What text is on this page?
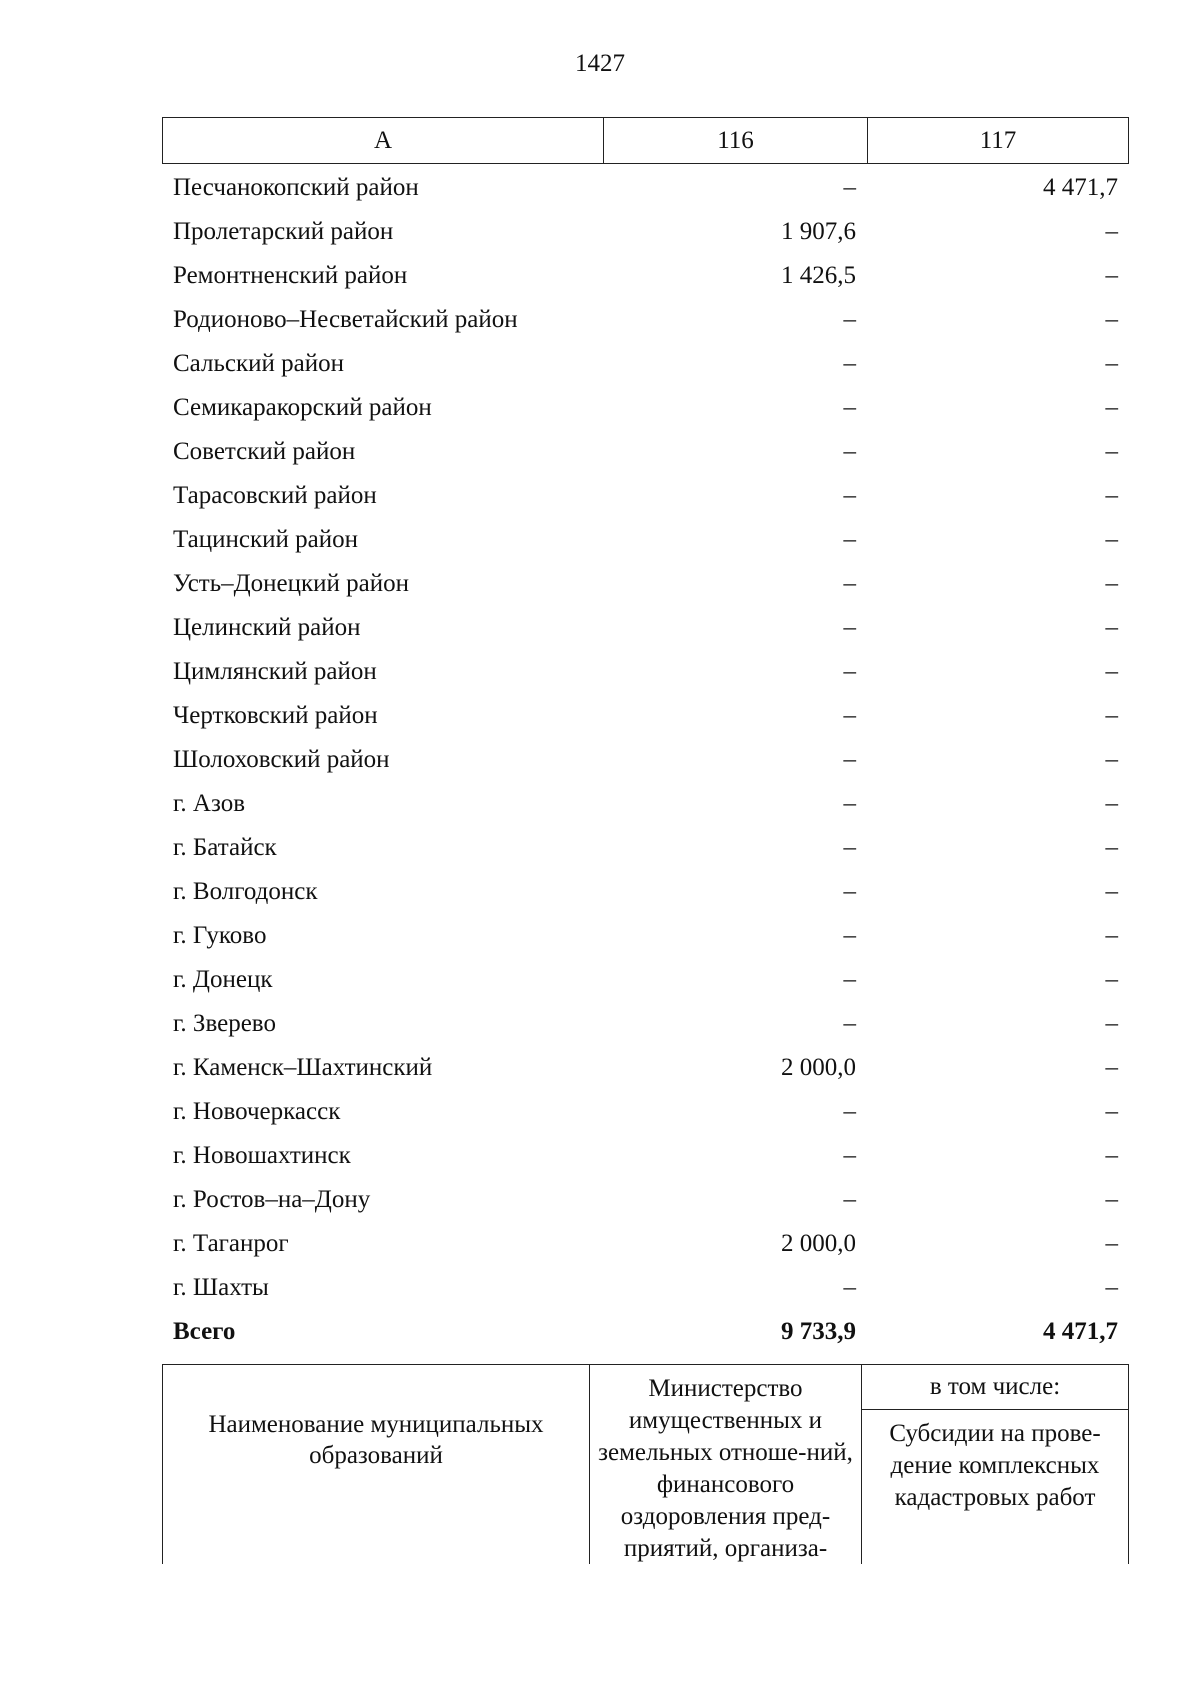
1427
А	116	117
Песчанокопский район	–	4 471,7
Пролетарский район	1 907,6	–
Ремонтненский район	1 426,5	–
Родионово–Несветайский район	–	–
Сальский район	–	–
Семикаракорский район	–	–
Советский район	–	–
Тарасовский район	–	–
Тацинский район	–	–
Усть–Донецкий район	–	–
Целинский район	–	–
Цимлянский район	–	–
Чертковский район	–	–
Шолоховский район	–	–
г. Азов	–	–
г. Батайск	–	–
г. Волгодонск	–	–
г. Гуково	–	–
г. Донецк	–	–
г. Зверево	–	–
г. Каменск–Шахтинский	2 000,0	–
г. Новочеркасск	–	–
г. Новошахтинск	–	–
г. Ростов–на–Дону	–	–
г. Таганрог	2 000,0	–
г. Шахты	–	–
Всего	9 733,9	4 471,7
Наименование муниципальных образований
Министерство имущественных и земельных отноше-ний, финансового оздоровления пред-приятий, организа-
в том числе:
Субсидии на прове-дение комплексных кадастровых работ
